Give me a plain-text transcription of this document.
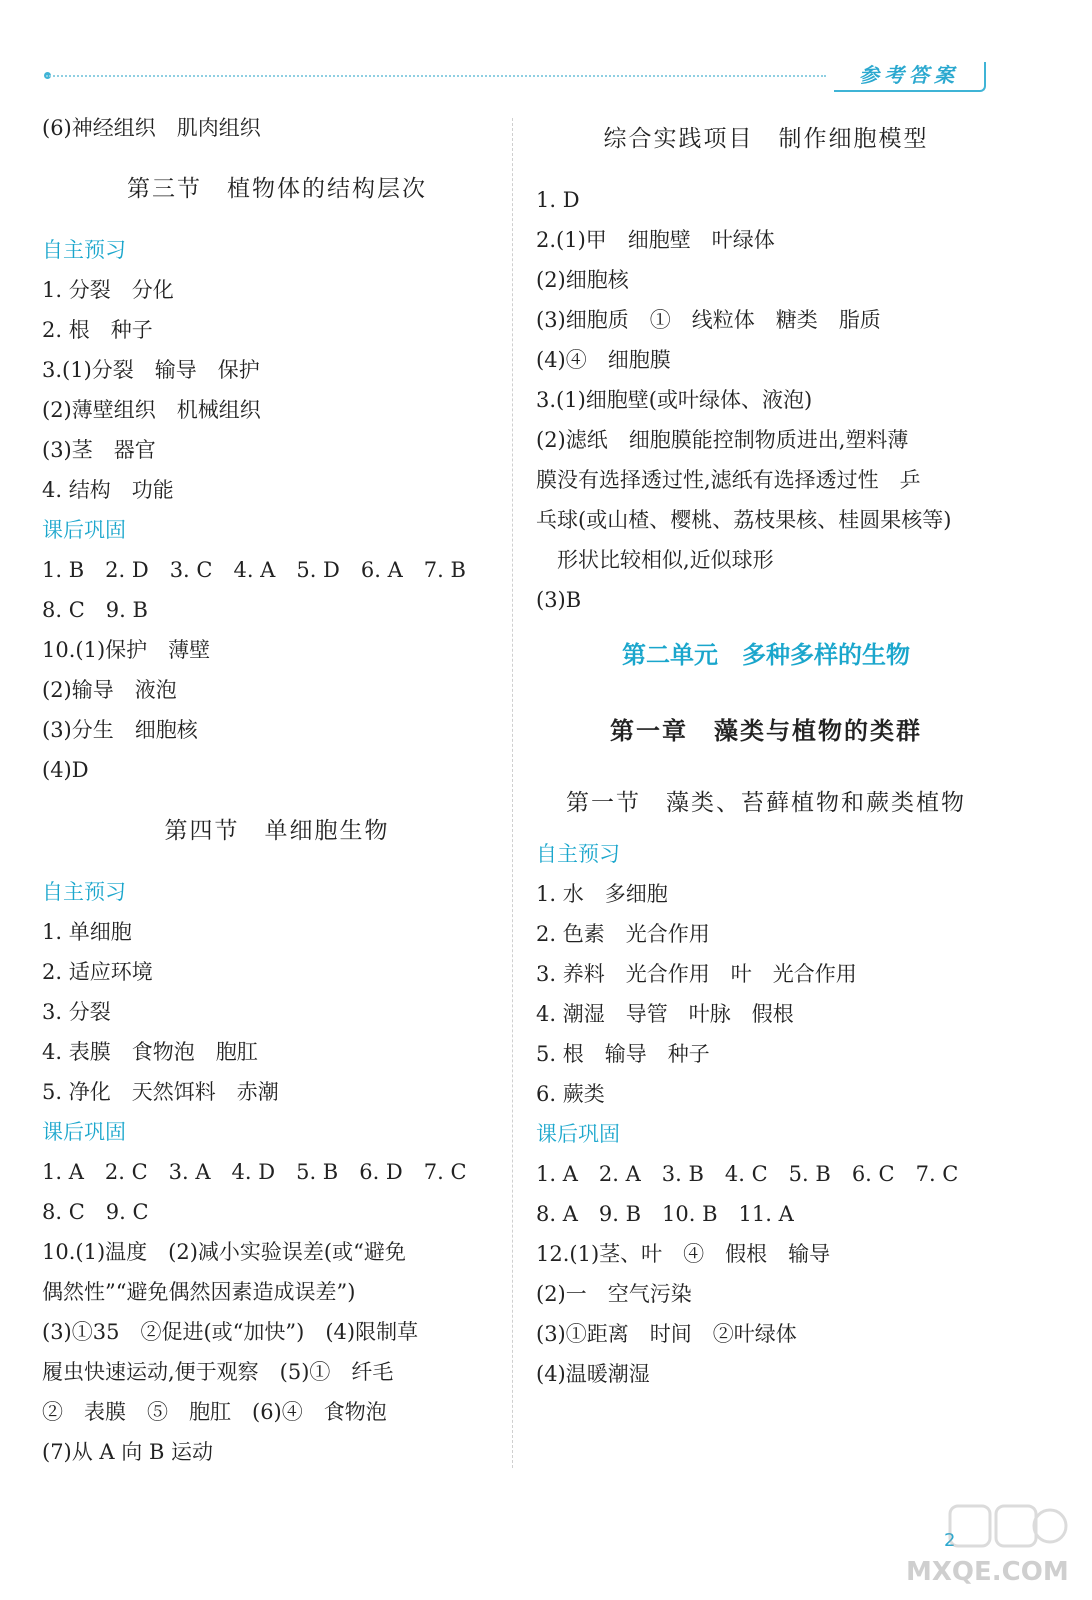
参考答案
(6)神经组织　肌肉组织
第三节　植物体的结构层次
自主预习
1. 分裂　分化
2. 根　种子
3.(1)分裂　输导　保护
(2)薄壁组织　机械组织
(3)茎　器官
4. 结构　功能
课后巩固
1. B　2. D　3. C　4. A　5. D　6. A　7. B
8. C　9. B
10.(1)保护　薄壁
(2)输导　液泡
(3)分生　细胞核
(4)D
第四节　单细胞生物
自主预习
1. 单细胞
2. 适应环境
3. 分裂
4. 表膜　食物泡　胞肛
5. 净化　天然饵料　赤潮
课后巩固
1. A　2. C　3. A　4. D　5. B　6. D　7. C
8. C　9. C
10.(1)温度　(2)减小实验误差(或“避免
偶然性”“避免偶然因素造成误差”)
(3)①35　②促进(或“加快”)　(4)限制草
履虫快速运动,便于观察　(5)①　纤毛
②　表膜　⑤　胞肛　(6)④　食物泡
(7)从 A 向 B 运动
综合实践项目　制作细胞模型
1. D
2.(1)甲　细胞壁　叶绿体
(2)细胞核
(3)细胞质　①　线粒体　糖类　脂质
(4)④　细胞膜
3.(1)细胞壁(或叶绿体、液泡)
(2)滤纸　细胞膜能控制物质进出,塑料薄
膜没有选择透过性,滤纸有选择透过性　乒
乓球(或山楂、樱桃、荔枝果核、桂圆果核等)
　形状比较相似,近似球形
(3)B
第二单元　多种多样的生物
第一章　藻类与植物的类群
第一节　藻类、苔藓植物和蕨类植物
自主预习
1. 水　多细胞
2. 色素　光合作用
3. 养料　光合作用　叶　光合作用
4. 潮湿　导管　叶脉　假根
5. 根　输导　种子
6. 蕨类
课后巩固
1. A　2. A　3. B　4. C　5. B　6. C　7. C
8. A　9. B　10. B　11. A
12.(1)茎、叶　④　假根　输导
(2)一　空气污染
(3)①距离　时间　②叶绿体
(4)温暖潮湿
2
MXQE.COM
